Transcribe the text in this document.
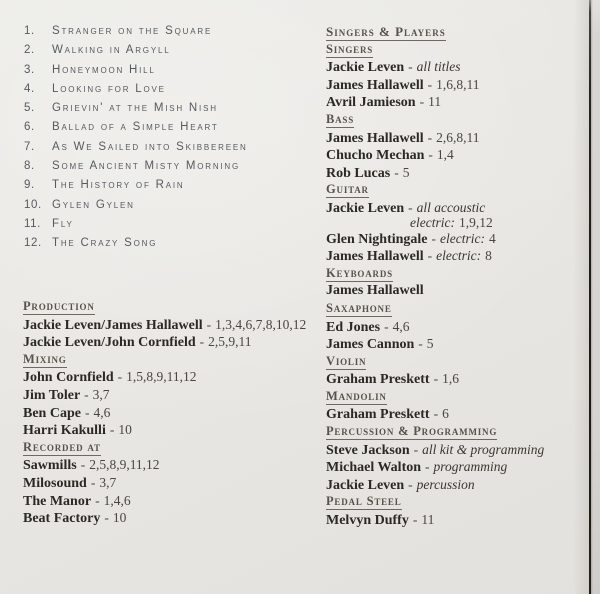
1.	Stranger on the Square
2.	Walking in Argyll
3.	Honeymoon Hill
4.	Looking for Love
5.	Grievin' at the Mish Nish
6.	Ballad of a Simple Heart
7.	As We Sailed into Skibbereen
8.	Some Ancient Misty Morning
9.	The History of Rain
10. Gylen Gylen
11. Fly
12. The Crazy Song
Production
Jackie Leven/James Hallawell - 1,3,4,6,7,8,10,12
Jackie Leven/John Cornfield - 2,5,9,11
Mixing
John Cornfield - 1,5,8,9,11,12
Jim Toler - 3,7
Ben Cape - 4,6
Harri Kakulli - 10
Recorded at
Sawmills - 2,5,8,9,11,12
Milosound - 3,7
The Manor - 1,4,6
Beat Factory - 10
Singers & Players
Singers
Jackie Leven - all titles
James Hallawell - 1,6,8,11
Avril Jamieson - 11
Bass
James Hallawell - 2,6,8,11
Chucho Mechan - 1,4
Rob Lucas - 5
Guitar
Jackie Leven - all accoustic
electric: 1,9,12
Glen Nightingale - electric: 4
James Hallawell - electric: 8
Keyboards
James Hallawell
Saxaphone
Ed Jones - 4,6
James Cannon - 5
Violin
Graham Preskett - 1,6
Mandolin
Graham Preskett - 6
Percussion & Programming
Steve Jackson - all kit & programming
Michael Walton - programming
Jackie Leven - percussion
Pedal Steel
Melvyn Duffy - 11
